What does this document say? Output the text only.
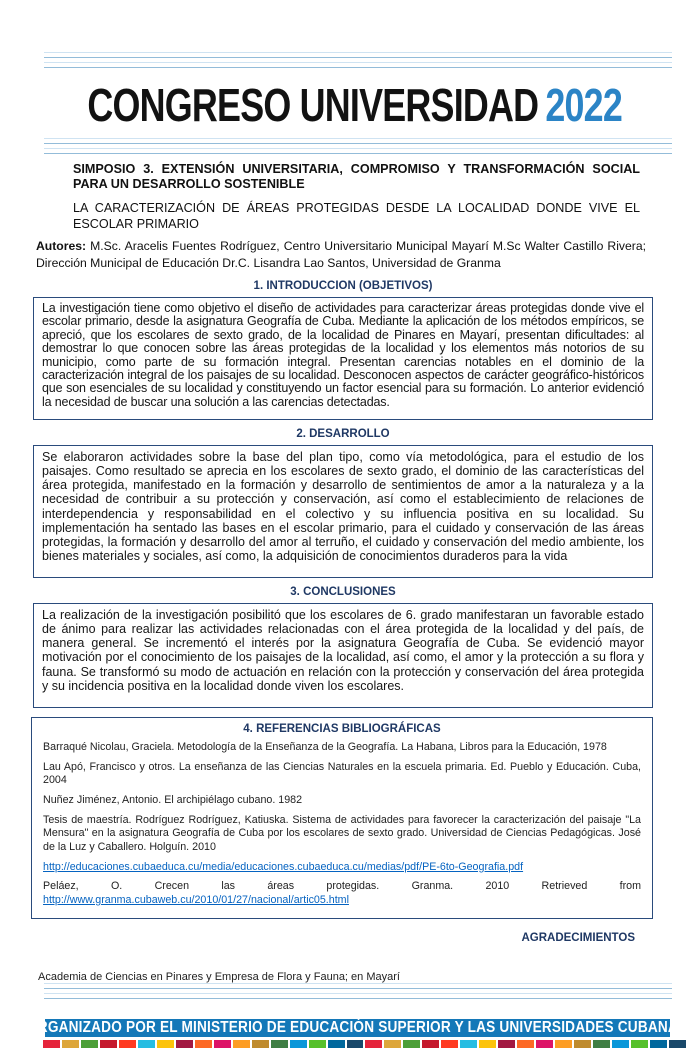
CONGRESO UNIVERSIDAD 2022
SIMPOSIO 3. EXTENSIÓN UNIVERSITARIA, COMPROMISO Y TRANSFORMACIÓN SOCIAL PARA UN DESARROLLO SOSTENIBLE
LA CARACTERIZACIÓN DE ÁREAS PROTEGIDAS DESDE LA LOCALIDAD DONDE VIVE EL ESCOLAR PRIMARIO
Autores: M.Sc. Aracelis Fuentes Rodríguez, Centro Universitario Municipal Mayarí M.Sc Walter Castillo Rivera; Dirección Municipal de Educación Dr.C. Lisandra Lao Santos, Universidad de Granma
1. INTRODUCCION (OBJETIVOS)
La investigación tiene como objetivo el diseño de actividades para caracterizar áreas protegidas donde vive el escolar primario, desde la asignatura Geografía de Cuba. Mediante la aplicación de los métodos empíricos, se apreció, que los escolares de sexto grado, de la localidad de Pinares en Mayarí, presentan dificultades: al demostrar lo que conocen sobre las áreas protegidas de la localidad y los elementos más notorios de su municipio, como parte de su formación integral. Presentan carencias notables en el dominio de la caracterización integral de los paisajes de su localidad. Desconocen aspectos de carácter geográfico-históricos que son esenciales de su localidad y constituyendo un factor esencial para su formación. Lo anterior evidenció la necesidad de buscar una solución a las carencias detectadas.
2. DESARROLLO
Se elaboraron actividades sobre la base del plan tipo, como vía metodológica, para el estudio de los paisajes. Como resultado se aprecia en los escolares de sexto grado, el dominio de las características del área protegida, manifestado en la formación y desarrollo de sentimientos de amor a la naturaleza y a la necesidad de contribuir a su protección y conservación, así como el establecimiento de relaciones de interdependencia y responsabilidad en el colectivo y su influencia positiva en su localidad. Su implementación ha sentado las bases en el escolar primario, para el cuidado y conservación de las áreas protegidas, la formación y desarrollo del amor al terruño, el cuidado y conservación del medio ambiente, los bienes materiales y sociales, así como, la adquisición de conocimientos duraderos para la vida
3. CONCLUSIONES
La realización de la investigación posibilitó que los escolares de 6. grado manifestaran un favorable estado de ánimo para realizar las actividades relacionadas con el área protegida de la localidad y del país, de manera general. Se incrementó el interés por la asignatura Geografía de Cuba. Se evidenció mayor motivación por el conocimiento de los paisajes de la localidad, así como, el amor y la protección a su flora y fauna. Se transformó su modo de actuación en relación con la protección y conservación del área protegida y su incidencia positiva en la localidad donde viven los escolares.
4. REFERENCIAS BIBLIOGRÁFICAS
Barraqué Nicolau, Graciela. Metodología de la Enseñanza de la Geografía. La Habana, Libros para la Educación, 1978
Lau Apó, Francisco y otros. La enseñanza de las Ciencias Naturales en la escuela primaria. Ed. Pueblo y Educación. Cuba, 2004
Nuñez Jiménez, Antonio. El archipiélago cubano. 1982
Tesis de maestría. Rodríguez Rodríguez, Katiuska. Sistema de actividades para favorecer la caracterización del paisaje "La Mensura" en la asignatura Geografía de Cuba por los escolares de sexto grado. Universidad de Ciencias Pedagógicas. José de la Luz y Caballero. Holguín. 2010
http://educaciones.cubaeduca.cu/media/educaciones.cubaeduca.cu/medias/pdf/PE-6to-Geografia.pdf
Peláez, O. Crecen las áreas protegidas. Granma. 2010 Retrieved from http://www.granma.cubaweb.cu/2010/01/27/nacional/artic05.html
AGRADECIMIENTOS
Academia de Ciencias en Pinares y Empresa de Flora y Fauna; en Mayarí
ORGANIZADO POR EL MINISTERIO DE EDUCACIÓN SUPERIOR Y LAS UNIVERSIDADES CUBANAS
